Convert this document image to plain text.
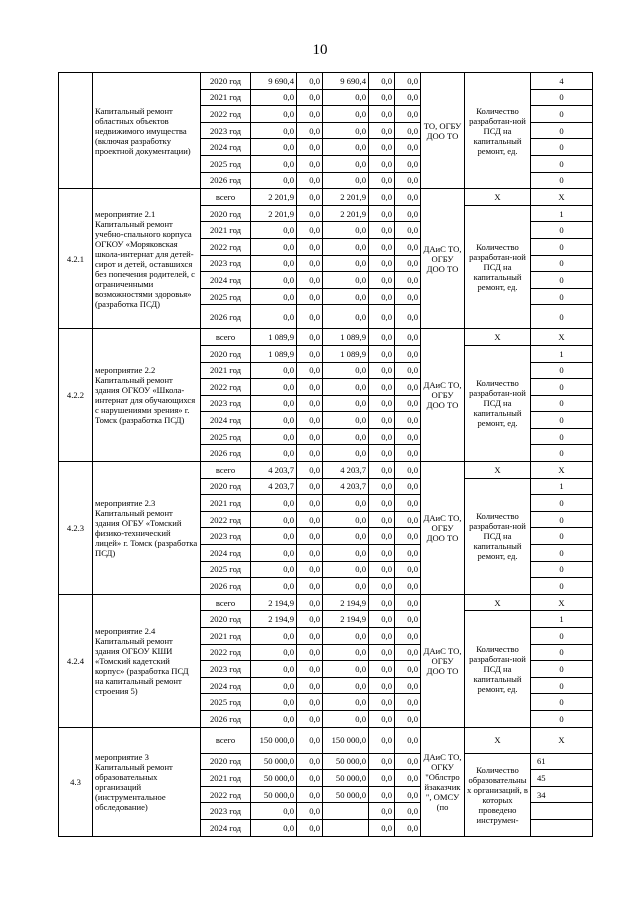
10
	Капитальный ремонт областных объектов недвижимого имущества (включая разработку проектной документации)	2020 год	9 690,4	0,0	9 690,4	0,0	0,0	ТО, ОГБУ ДОО ТО	Количество разработан-ной ПСД на капитальный ремонт, ед.	4
		2021 год	0,0	0,0	0,0	0,0	0,0			0
		2022 год	0,0	0,0	0,0	0,0	0,0			0
		2023 год	0,0	0,0	0,0	0,0	0,0			0
		2024 год	0,0	0,0	0,0	0,0	0,0			0
		2025 год	0,0	0,0	0,0	0,0	0,0			0
		2026 год	0,0	0,0	0,0	0,0	0,0			0
4.2.1	мероприятие 2.1 Капитальный ремонт учебно-спального корпуса ОГКОУ «Моряковская школа-интернат для детей-сирот и детей, оставшихся без попечения родителей, с ограниченными возможностями здоровья» (разработка ПСД)	всего	2 201,9	0,0	2 201,9	0,0	0,0	ДАиС ТО, ОГБУ ДОО ТО	Х	Х
		2020 год	2 201,9	0,0	2 201,9	0,0	0,0		Количество разработан-ной ПСД на капитальный ремонт, ед.	1
		2021 год	0,0	0,0	0,0	0,0	0,0			0
		2022 год	0,0	0,0	0,0	0,0	0,0			0
		2023 год	0,0	0,0	0,0	0,0	0,0			0
		2024 год	0,0	0,0	0,0	0,0	0,0			0
		2025 год	0,0	0,0	0,0	0,0	0,0			0
		2026 год	0,0	0,0	0,0	0,0	0,0			0
4.2.2	мероприятие 2.2 Капитальный ремонт здания ОГКОУ «Школа-интернат для обучающихся с нарушениями зрения» г. Томск (разработка ПСД)	всего	1 089,9	0,0	1 089,9	0,0	0,0	ДАиС ТО, ОГБУ ДОО ТО	Х	Х
		2020 год	1 089,9	0,0	1 089,9	0,0	0,0		Количество разработан-ной ПСД на капитальный ремонт, ед.	1
		2021 год	0,0	0,0	0,0	0,0	0,0			0
		2022 год	0,0	0,0	0,0	0,0	0,0			0
		2023 год	0,0	0,0	0,0	0,0	0,0			0
		2024 год	0,0	0,0	0,0	0,0	0,0			0
		2025 год	0,0	0,0	0,0	0,0	0,0			0
		2026 год	0,0	0,0	0,0	0,0	0,0			0
4.2.3	мероприятие 2.3 Капитальный ремонт здания ОГБУ «Томский физико-технический лицей» г. Томск (разработка ПСД)	всего	4 203,7	0,0	4 203,7	0,0	0,0	ДАиС ТО, ОГБУ ДОО ТО	Х	Х
		2020 год	4 203,7	0,0	4 203,7	0,0	0,0		Количество разработан-ной ПСД на капитальный ремонт, ед.	1
		2021 год	0,0	0,0	0,0	0,0	0,0			0
		2022 год	0,0	0,0	0,0	0,0	0,0			0
		2023 год	0,0	0,0	0,0	0,0	0,0			0
		2024 год	0,0	0,0	0,0	0,0	0,0			0
		2025 год	0,0	0,0	0,0	0,0	0,0			0
		2026 год	0,0	0,0	0,0	0,0	0,0			0
4.2.4	мероприятие 2.4 Капитальный ремонт здания ОГБОУ КШИ «Томский кадетский корпус» (разработка ПСД на капитальный ремонт строения 5)	всего	2 194,9	0,0	2 194,9	0,0	0,0	ДАиС ТО, ОГБУ ДОО ТО	Х	Х
		2020 год	2 194,9	0,0	2 194,9	0,0	0,0		Количество разработан-ной ПСД на капитальный ремонт, ед.	1
		2021 год	0,0	0,0	0,0	0,0	0,0			0
		2022 год	0,0	0,0	0,0	0,0	0,0			0
		2023 год	0,0	0,0	0,0	0,0	0,0			0
		2024 год	0,0	0,0	0,0	0,0	0,0			0
		2025 год	0,0	0,0	0,0	0,0	0,0			0
		2026 год	0,0	0,0	0,0	0,0	0,0			0
4.3	мероприятие 3 Капитальный ремонт образовательных организаций (инструментальное обследование)	всего	150 000,0	0,0	150 000,0	0,0	0,0	ДАиС ТО, ОГКУ "Облстройзаказчик", ОМСУ (по	Х	Х
		2020 год	50 000,0	0,0	50 000,0	0,0	0,0		Количество образовательных организаций, в которых проведено инструмен-	61
		2021 год	50 000,0	0,0	50 000,0	0,0	0,0			45
		2022 год	50 000,0	0,0	50 000,0	0,0	0,0			34
		2023 год	0,0	0,0		0,0	0,0			
		2024 год	0,0	0,0		0,0	0,0			
